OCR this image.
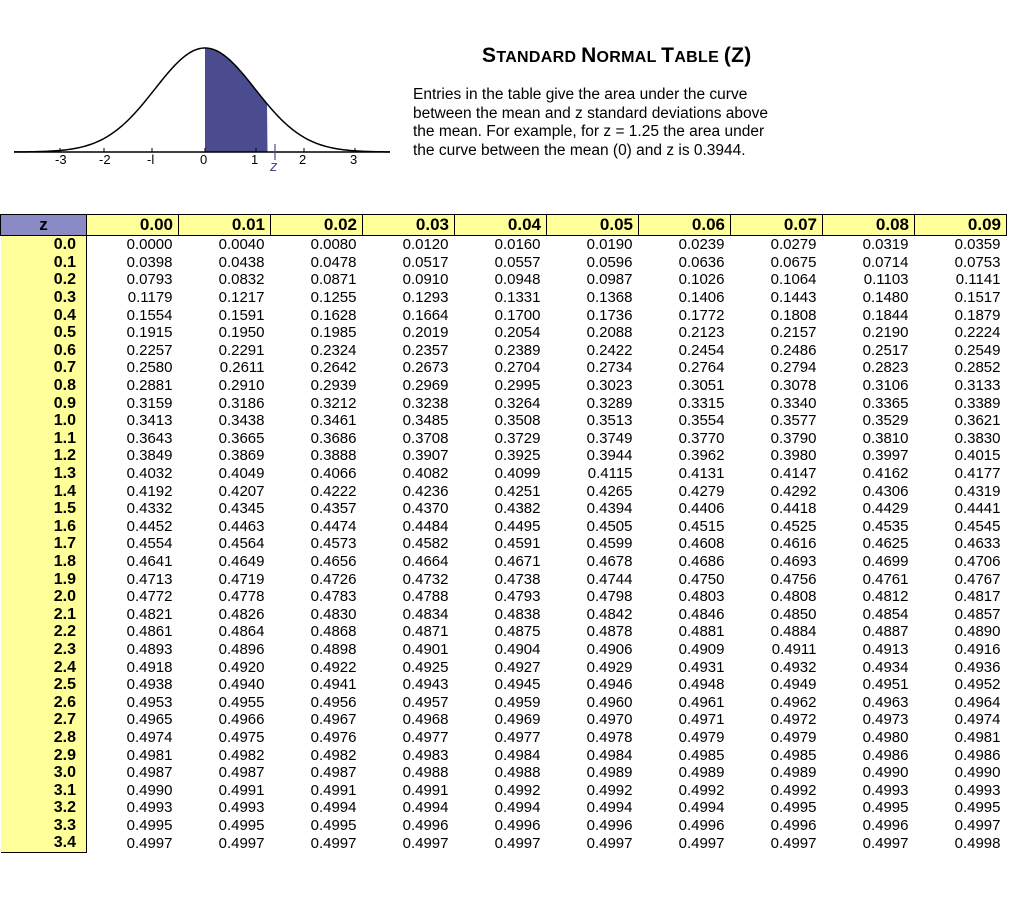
-3 -2	-l	0	1	2	3
z
STANDARD NORMAL TABLE (Z)
Entries in the table give the area under the curve
between the mean and z standard deviations above
the mean. For example, for z = 1.25 the area under
the curve between the mean (0) and z is 0.3944.
z	0.00	0.01	0.02	0.03	0.04	0.05	0.06	0.07	0.08	0.09
0.0	0.0000	0.0040	0.0080	0.0120	0.0160	0.0190	0.0239	0.0279	0.0319	0.0359
0.1	0.0398	0.0438	0.0478	0.0517	0.0557	0.0596	0.0636	0.0675	0.0714	0.0753
0.2	0.0793	0.0832	0.0871	0.0910	0.0948	0.0987	0.1026	0.1064	0.1103	0.1141
0.3	0.1179	0.1217	0.1255	0.1293	0.1331	0.1368	0.1406	0.1443	0.1480	0.1517
0.4	0.1554	0.1591	0.1628	0.1664	0.1700	0.1736	0.1772	0.1808	0.1844	0.1879
0.5	0.1915	0.1950	0.1985	0.2019	0.2054	0.2088	0.2123	0.2157	0.2190	0.2224
0.6	0.2257	0.2291	0.2324	0.2357	0.2389	0.2422	0.2454	0.2486	0.2517	0.2549
0.7	0.2580	0.2611	0.2642	0.2673	0.2704	0.2734	0.2764	0.2794	0.2823	0.2852
0.8	0.2881	0.2910	0.2939	0.2969	0.2995	0.3023	0.3051	0.3078	0.3106	0.3133
0.9	0.3159	0.3186	0.3212	0.3238	0.3264	0.3289	0.3315	0.3340	0.3365	0.3389
1.0	0.3413	0.3438	0.3461	0.3485	0.3508	0.3513	0.3554	0.3577	0.3529	0.3621
1.1	0.3643	0.3665	0.3686	0.3708	0.3729	0.3749	0.3770	0.3790	0.3810	0.3830
1.2	0.3849	0.3869	0.3888	0.3907	0.3925	0.3944	0.3962	0.3980	0.3997	0.4015
1.3	0.4032	0.4049	0.4066	0.4082	0.4099	0.4115	0.4131	0.4147	0.4162	0.4177
1.4	0.4192	0.4207	0.4222	0.4236	0.4251	0.4265	0.4279	0.4292	0.4306	0.4319
1.5	0.4332	0.4345	0.4357	0.4370	0.4382	0.4394	0.4406	0.4418	0.4429	0.4441
1.6	0.4452	0.4463	0.4474	0.4484	0.4495	0.4505	0.4515	0.4525	0.4535	0.4545
1.7	0.4554	0.4564	0.4573	0.4582	0.4591	0.4599	0.4608	0.4616	0.4625	0.4633
1.8	0.4641	0.4649	0.4656	0.4664	0.4671	0.4678	0.4686	0.4693	0.4699	0.4706
1.9	0.4713	0.4719	0.4726	0.4732	0.4738	0.4744	0.4750	0.4756	0.4761	0.4767
2.0	0.4772	0.4778	0.4783	0.4788	0.4793	0.4798	0.4803	0.4808	0.4812	0.4817
2.1	0.4821	0.4826	0.4830	0.4834	0.4838	0.4842	0.4846	0.4850	0.4854	0.4857
2.2	0.4861	0.4864	0.4868	0.4871	0.4875	0.4878	0.4881	0.4884	0.4887	0.4890
2.3	0.4893	0.4896	0.4898	0.4901	0.4904	0.4906	0.4909	0.4911	0.4913	0.4916
2.4	0.4918	0.4920	0.4922	0.4925	0.4927	0.4929	0.4931	0.4932	0.4934	0.4936
2.5	0.4938	0.4940	0.4941	0.4943	0.4945	0.4946	0.4948	0.4949	0.4951	0.4952
2.6	0.4953	0.4955	0.4956	0.4957	0.4959	0.4960	0.4961	0.4962	0.4963	0.4964
2.7	0.4965	0.4966	0.4967	0.4968	0.4969	0.4970	0.4971	0.4972	0.4973	0.4974
2.8	0.4974	0.4975	0.4976	0.4977	0.4977	0.4978	0.4979	0.4979	0.4980	0.4981
2.9	0.4981	0.4982	0.4982	0.4983	0.4984	0.4984	0.4985	0.4985	0.4986	0.4986
3.0	0.4987	0.4987	0.4987	0.4988	0.4988	0.4989	0.4989	0.4989	0.4990	0.4990
3.1	0.4990	0.4991	0.4991	0.4991	0.4992	0.4992	0.4992	0.4992	0.4993	0.4993
3.2	0.4993	0.4993	0.4994	0.4994	0.4994	0.4994	0.4994	0.4995	0.4995	0.4995
3.3	0.4995	0.4995	0.4995	0.4996	0.4996	0.4996	0.4996	0.4996	0.4996	0.4997
3.4	0.4997	0.4997	0.4997	0.4997	0.4997	0.4997	0.4997	0.4997	0.4997	0.4998
